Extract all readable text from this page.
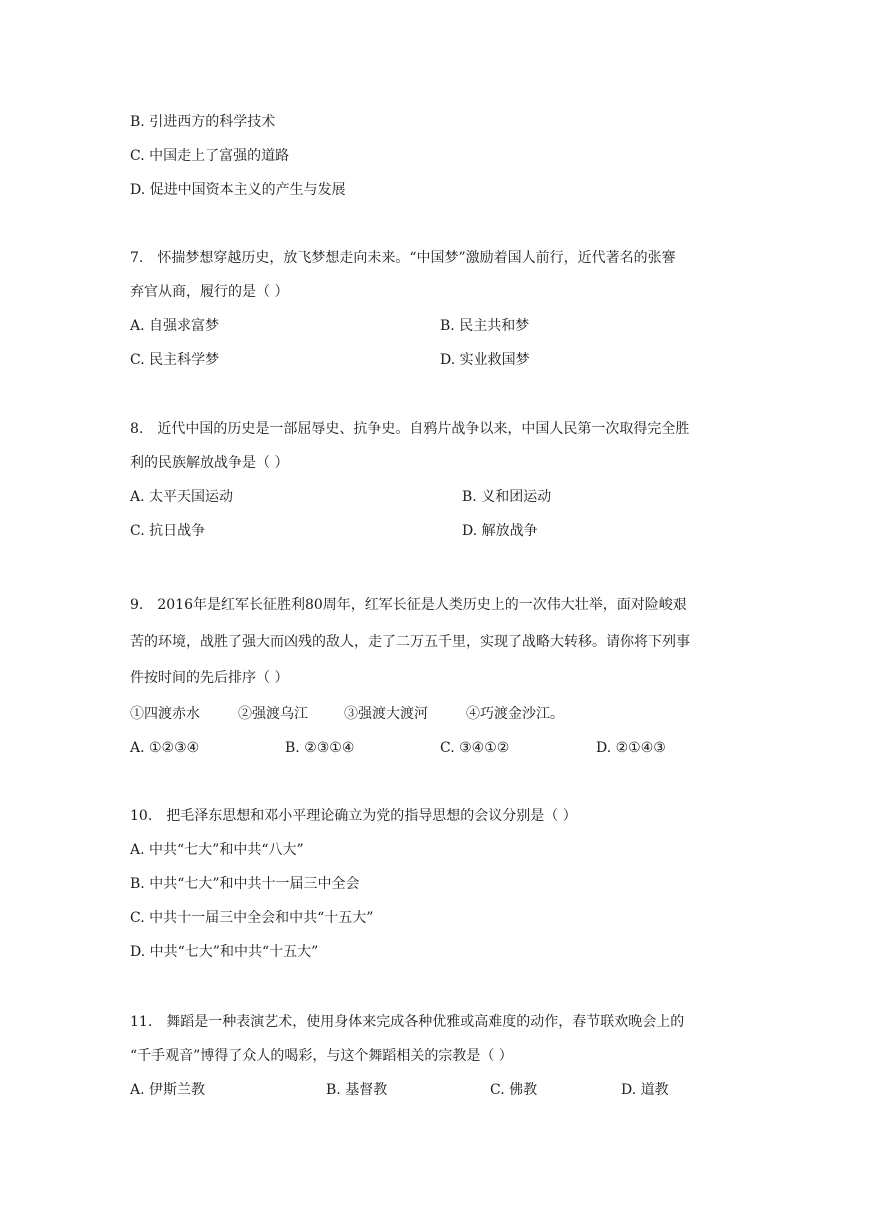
B. 引进西方的科学技术
C. 中国走上了富强的道路
D. 促进中国资本主义的产生与发展
7.　怀揣梦想穿越历史，放飞梦想走向未来。“中国梦”激励着国人前行，近代著名的张謇
弃官从商，履行的是（ ）
A. 自强求富梦	B. 民主共和梦
C. 民主科学梦	D. 实业救国梦
8.　近代中国的历史是一部屈辱史、抗争史。自鸦片战争以来，中国人民第一次取得完全胜
利的民族解放战争是（ ）
A. 太平天国运动	B. 义和团运动
C. 抗日战争	D. 解放战争
9.　2016年是红军长征胜利80周年，红军长征是人类历史上的一次伟大壮举，面对险峻艰
苦的环境，战胜了强大而凶残的敌人，走了二万五千里，实现了战略大转移。请你将下列事
件按时间的先后排序（ ）
①四渡赤水	②强渡乌江	③强渡大渡河	④巧渡金沙江。
A. ①②③④	B. ②③①④	C. ③④①②	D. ②①④③
10.　把毛泽东思想和邓小平理论确立为党的指导思想的会议分别是（ ）
A. 中共“七大”和中共“八大”
B. 中共“七大”和中共十一届三中全会
C. 中共十一届三中全会和中共“十五大”
D. 中共“七大”和中共“十五大”
11.　舞蹈是一种表演艺术，使用身体来完成各种优雅或高难度的动作，春节联欢晚会上的
“千手观音”博得了众人的喝彩，与这个舞蹈相关的宗教是（ ）
A. 伊斯兰教	B. 基督教	C. 佛教	D. 道教
